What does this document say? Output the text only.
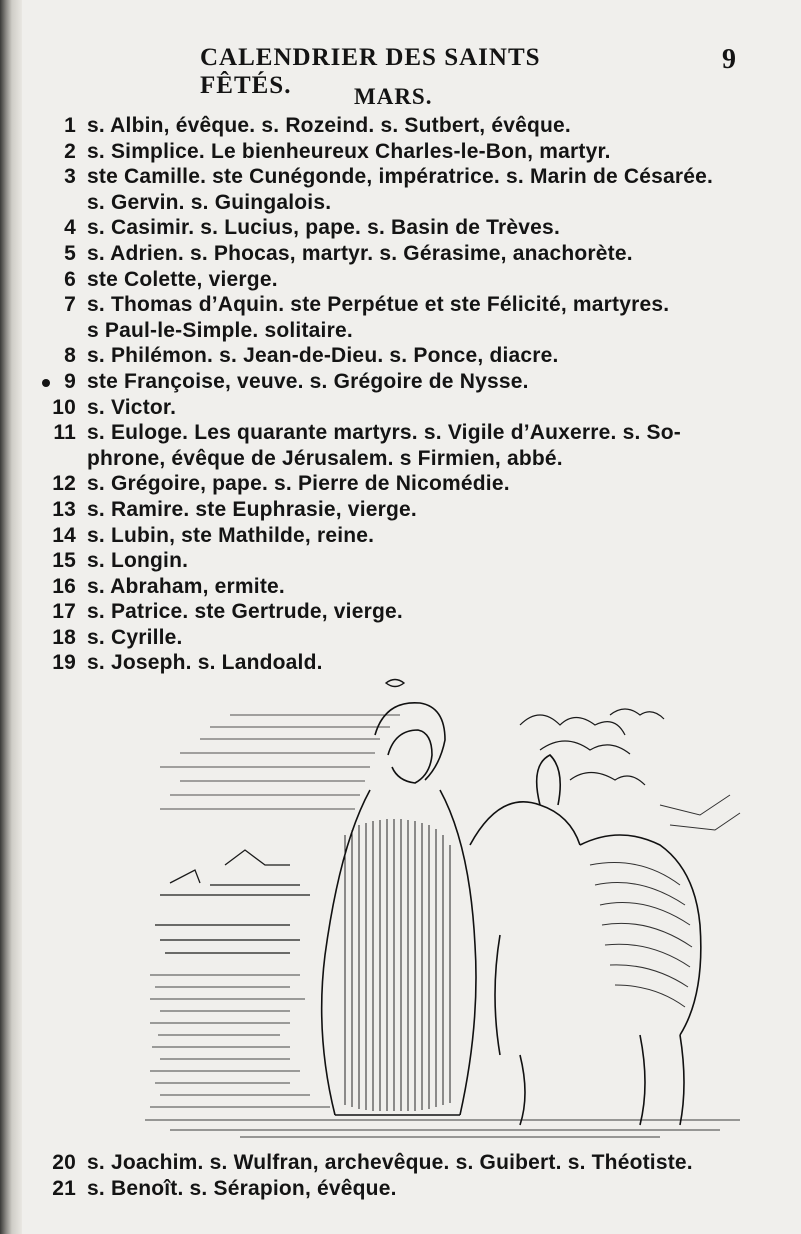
CALENDRIER DES SAINTS FÊTÉS.
9
MARS.
1 s. Albin, évêque. s. Rozeind. s. Sutbert, évêque.
2 s. Simplice. Le bienheureux Charles-le-Bon, martyr.
3 ste Camille. ste Cunégonde, impératrice. s. Marin de Césarée.
s. Gervin. s. Guingalois.
4 s. Casimir. s. Lucius, pape. s. Basin de Trèves.
5 s. Adrien. s. Phocas, martyr. s. Gérasime, anachorète.
6 ste Colette, vierge.
7 s. Thomas d’Aquin. ste Perpétue et ste Félicité, martyres.
s Paul-le-Simple. solitaire.
8 s. Philémon. s. Jean-de-Dieu. s. Ponce, diacre.
9 ste Françoise, veuve. s. Grégoire de Nysse.
10 s. Victor.
11 s. Euloge. Les quarante martyrs. s. Vigile d’Auxerre. s. So-
phrone, évêque de Jérusalem. s Firmien, abbé.
12 s. Grégoire, pape. s. Pierre de Nicomédie.
13 s. Ramire. ste Euphrasie, vierge.
14 s. Lubin, ste Mathilde, reine.
15 s. Longin.
16 s. Abraham, ermite.
17 s. Patrice. ste Gertrude, vierge.
18 s. Cyrille.
19 s. Joseph. s. Landoald.
20 s. Joachim. s. Wulfran, archevêque. s. Guibert. s. Théotiste.
21 s. Benoît. s. Sérapion, évêque.
